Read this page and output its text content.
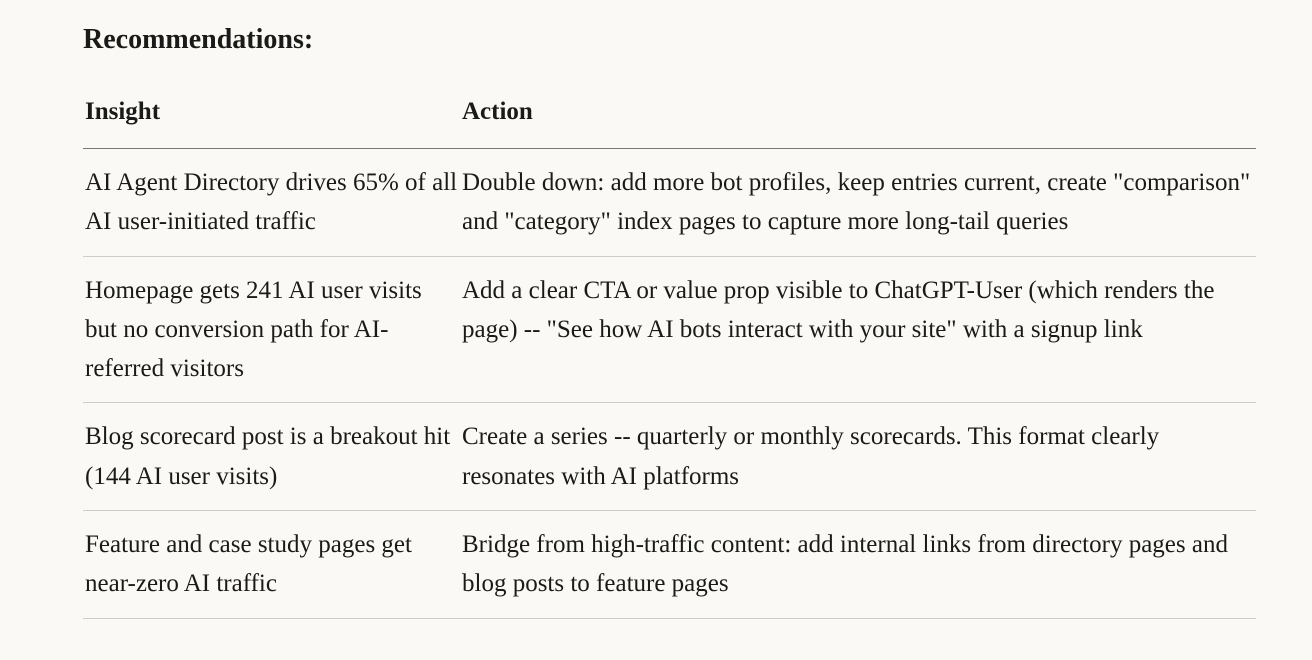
Recommendations:
Insight	Action
AI Agent Directory drives 65% of all AI user-initiated traffic	Double down: add more bot profiles, keep entries current, create "comparison" and "category" index pages to capture more long-tail queries
Homepage gets 241 AI user visits but no conversion path for AI-referred visitors	Add a clear CTA or value prop visible to ChatGPT-User (which renders the page) -- "See how AI bots interact with your site" with a signup link
Blog scorecard post is a breakout hit (144 AI user visits)	Create a series -- quarterly or monthly scorecards. This format clearly resonates with AI platforms
Feature and case study pages get near-zero AI traffic	Bridge from high-traffic content: add internal links from directory pages and blog posts to feature pages
